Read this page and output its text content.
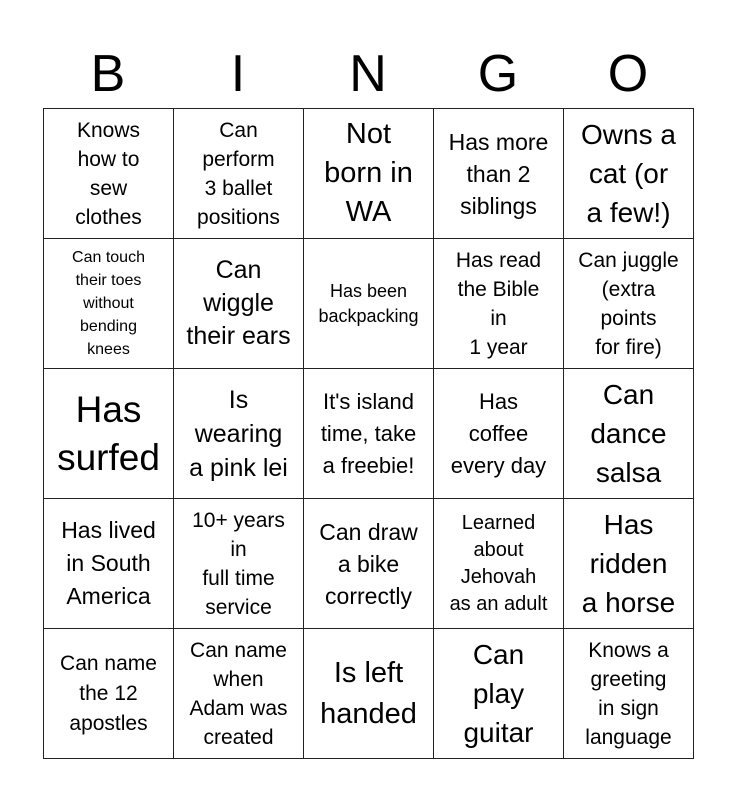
B	I	N	G	O
Knows
how to
sew
clothes	Can
perform
3 ballet
positions	Not
born in
WA	Has more
than 2
siblings	Owns a
cat (or
a few!)

Can touch
their toes
without
bending
knees	Can
wiggle
their ears	Has been
backpacking	Has read
the Bible
in
1 year	Can juggle
(extra
points
for fire)

Has
surfed	Is
wearing
a pink lei	It's island
time, take
a freebie!	Has
coffee
every day	Can
dance
salsa

Has lived
in South
America	10+ years
in
full time
service	Can draw
a bike
correctly	Learned
about
Jehovah
as an adult	Has
ridden
a horse

Can name
the 12
apostles	Can name
when
Adam was
created	Is left
handed	Can
play
guitar	Knows a
greeting
in sign
language
